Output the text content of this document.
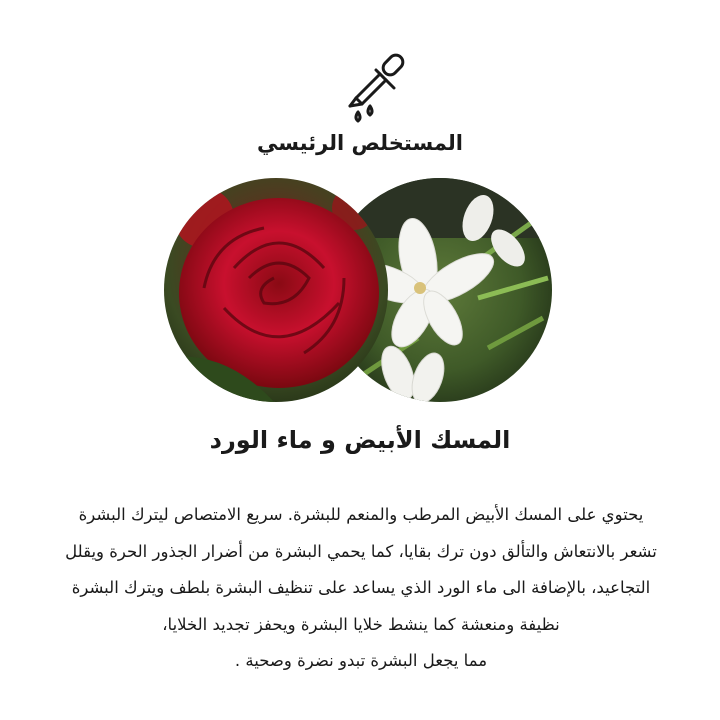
المستخلص الرئيسي
المسك الأبيض و ماء الورد

يحتوي على المسك الأبيض المرطب والمنعم للبشرة. سريع الامتصاص ليترك البشرة

تشعر بالانتعاش والتألق دون ترك بقايا، كما يحمي البشرة من أضرار الجذور الحرة ويقلل

التجاعيد، بالإضافة الى ماء الورد الذي يساعد على تنظيف البشرة بلطف ويترك البشرة

نظيفة ومنعشة كما ينشط خلايا البشرة ويحفز تجديد الخلايا،

مما يجعل البشرة تبدو نضرة وصحية .
